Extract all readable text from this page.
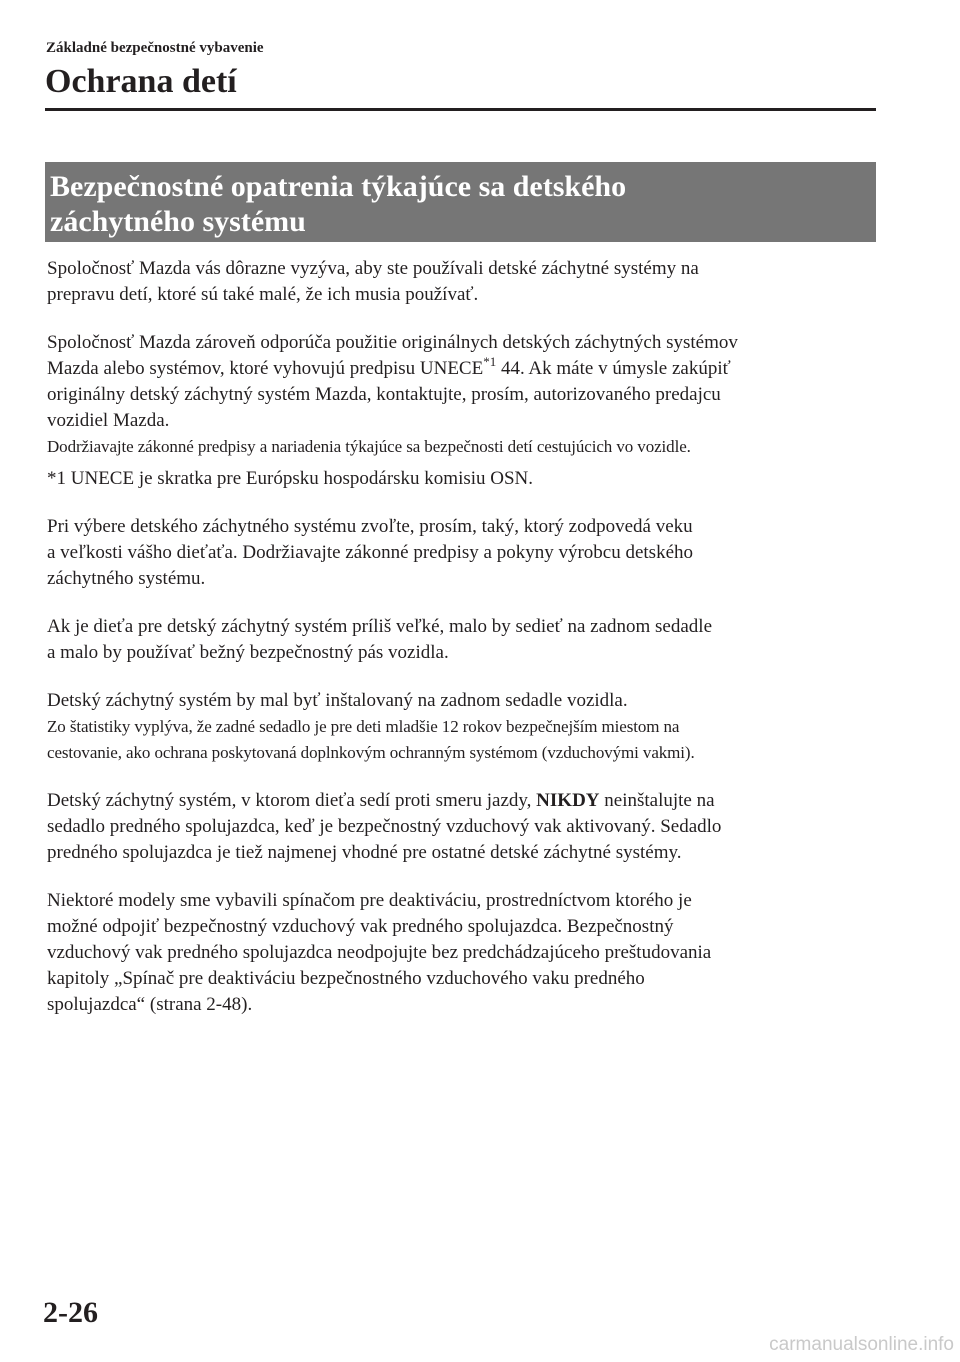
Základné bezpečnostné vybavenie

Ochrana detí
Bezpečnostné opatrenia týkajúce sa detského
záchytného systému

Spoločnosť Mazda vás dôrazne vyzýva, aby ste používali detské záchytné systémy na

prepravu detí, ktoré sú také malé, že ich musia používať.

Spoločnosť Mazda zároveň odporúča použitie originálnych detských záchytných systémov

Mazda alebo systémov, ktoré vyhovujú predpisu UNECE$^{*1}$ 44. Ak máte v úmysle zakúpiť

originálny detský záchytný systém Mazda, kontaktujte, prosím, autorizovaného predajcu

vozidiel Mazda.

Dodržiavajte zákonné predpisy a nariadenia týkajúce sa bezpečnosti detí cestujúcich vo vozidle.

*1 UNECE je skratka pre Európsku hospodársku komisiu OSN.

Pri výbere detského záchytného systému zvoľte, prosím, taký, ktorý zodpovedá veku

a veľkosti vášho dieťaťa. Dodržiavajte zákonné predpisy a pokyny výrobcu detského

záchytného systému.

Ak je dieťa pre detský záchytný systém príliš veľké, malo by sedieť na zadnom sedadle

a malo by používať bežný bezpečnostný pás vozidla.

Detský záchytný systém by mal byť inštalovaný na zadnom sedadle vozidla.

Zo štatistiky vyplýva, že zadné sedadlo je pre deti mladšie 12 rokov bezpečnejším miestom na

cestovanie, ako ochrana poskytovaná doplnkovým ochranným systémom (vzduchovými vakmi).

Detský záchytný systém, v ktorom dieťa sedí proti smeru jazdy, NIKDY neinštalujte na

sedadlo predného spolujazdca, keď je bezpečnostný vzduchový vak aktivovaný. Sedadlo

predného spolujazdca je tiež najmenej vhodné pre ostatné detské záchytné systémy.

Niektoré modely sme vybavili spínačom pre deaktiváciu, prostredníctvom ktorého je

možné odpojiť bezpečnostný vzduchový vak predného spolujazdca. Bezpečnostný

vzduchový vak predného spolujazdca neodpojujte bez predchádzajúceho preštudovania

kapitoly „Spínač pre deaktiváciu bezpečnostného vzduchového vaku predného

spolujazdca“ (strana 2-48).

2-26

carmanualsonline.info
